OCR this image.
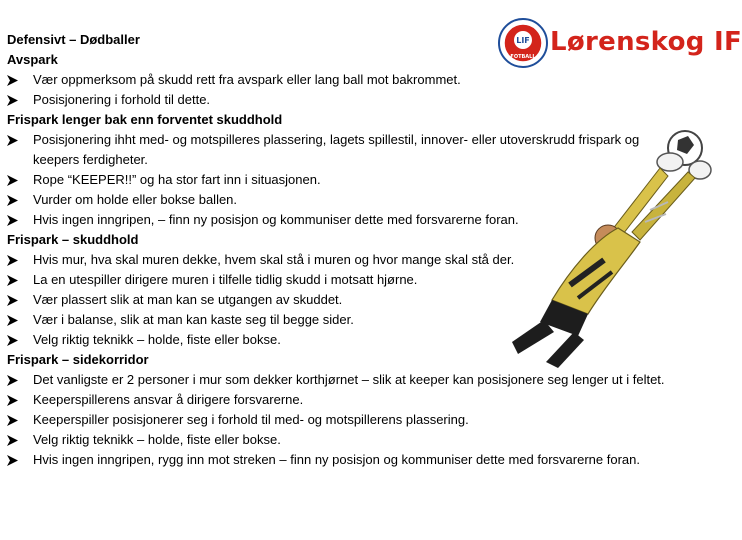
LIF
FOTBALL Lørenskog IF
Defensivt – Dødballer
Avspark
Vær oppmerksom på skudd rett fra avspark eller lang ball mot bakrommet.
Posisjonering i forhold til dette.
Frispark lenger bak enn forventet skuddhold
Posisjonering ihht med- og motspilleres plassering, lagets spillestil, innover- eller utoverskrudd frispark og keepers ferdigheter.
Rope “KEEPER!!” og ha stor fart inn i situasjonen.
Vurder om holde eller bokse ballen.
Hvis ingen inngripen, – finn ny posisjon og kommuniser dette med forsvarerne foran.
Frispark – skuddhold
Hvis mur, hva skal muren dekke, hvem skal stå i muren og hvor mange skal stå der.
La en utespiller dirigere muren i tilfelle tidlig skudd i motsatt hjørne.
Vær plassert slik at man kan se utgangen av skuddet.
Vær i balanse, slik at man kan kaste seg til begge sider.
Velg riktig teknikk – holde, fiste eller bokse.
Frispark – sidekorridor
Det vanligste er 2 personer i mur som dekker korthjørnet – slik at keeper kan posisjonere seg lenger ut i feltet.
Keeperspillerens ansvar å dirigere forsvarerne.
Keeperspiller posisjonerer seg i forhold til med- og motspillerens plassering.
Velg riktig teknikk – holde, fiste eller bokse.
Hvis ingen inngripen, rygg inn mot streken – finn ny posisjon og kommuniser dette med forsvarerne foran.
